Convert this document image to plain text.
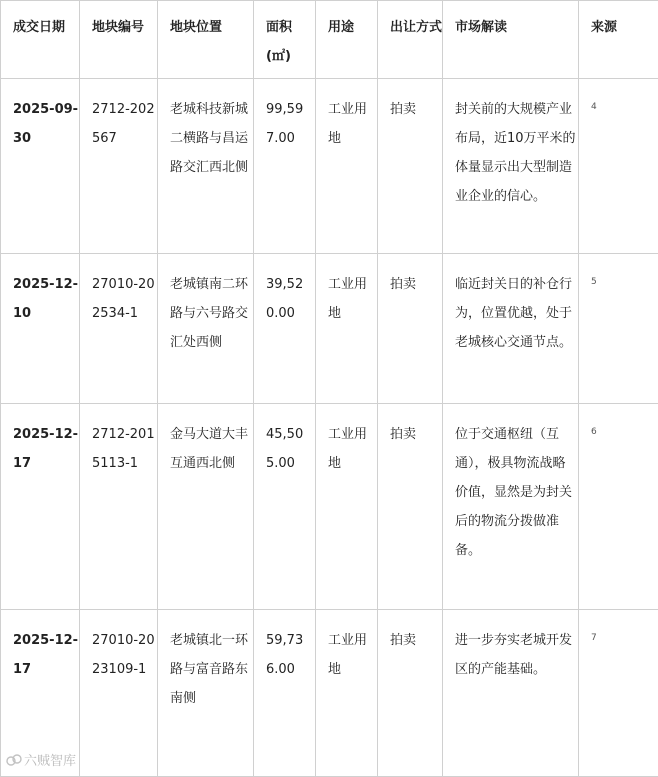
成交日期	地块编号	地块位置	面积(㎡)	用途	出让方式	市场解读	来源
2025-09-30	2712-202567	老城科技新城二横路与昌运路交汇西北侧	99,597.00	工业用地	拍卖	封关前的大规模产业布局，近10万平米的体量显示出大型制造业企业的信心。	4
2025-12-10	27010-202534-1	老城镇南二环路与六号路交汇处西侧	39,520.00	工业用地	拍卖	临近封关日的补仓行为，位置优越，处于老城核心交通节点。	5
2025-12-17	2712-2015113-1	金马大道大丰互通西北侧	45,505.00	工业用地	拍卖	位于交通枢纽（互通），极具物流战略价值，显然是为封关后的物流分拨做准备。	6
2025-12-17	27010-2023109-1	老城镇北一环路与富音路东南侧	59,736.00	工业用地	拍卖	进一步夯实老城开发区的产能基础。	7
六贼智库
